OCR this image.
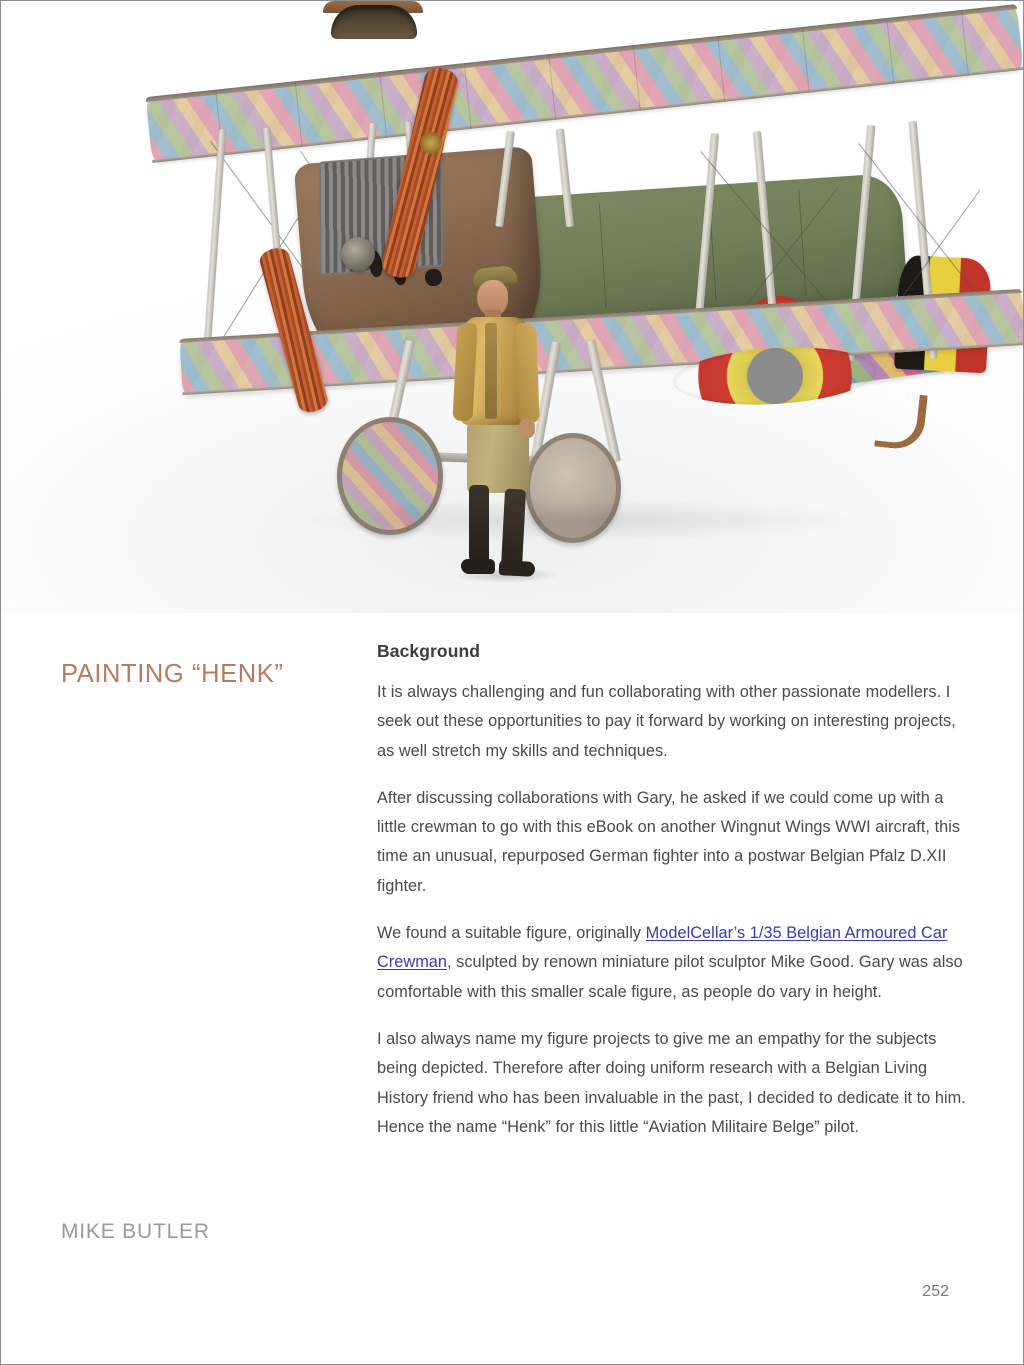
PAINTING “HENK”
MIKE BUTLER
Background

It is always challenging and fun collaborating with other passionate modellers. I seek out these opportunities to pay it forward by working on interesting projects, as well stretch my skills and techniques.

After discussing collaborations with Gary, he asked if we could come up with a little crewman to go with this eBook on another Wingnut Wings WWI aircraft, this time an unusual, repurposed German fighter into a postwar Belgian Pfalz D.XII fighter.

We found a suitable figure, originally ModelCellar’s 1/35 Belgian Armoured Car Crewman, sculpted by renown miniature pilot sculptor Mike Good. Gary was also comfortable with this smaller scale figure, as people do vary in height.

I also always name my figure projects to give me an empathy for the subjects being depicted. Therefore after doing uniform research with a Belgian Living History friend who has been invaluable in the past, I decided to dedicate it to him. Hence the name “Henk” for this little “Aviation Militaire Belge” pilot.

252
